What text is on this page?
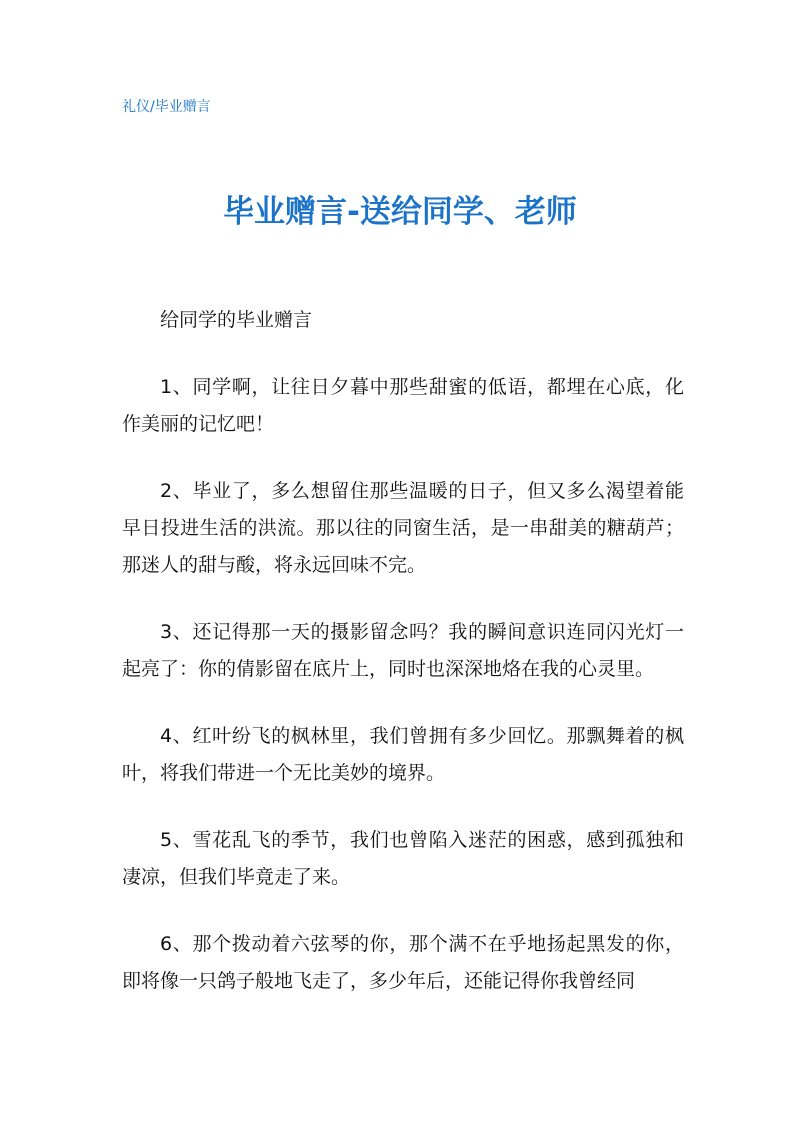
礼仪/毕业赠言
毕业赠言-送给同学、老师

给同学的毕业赠言

1、同学啊，让往日夕暮中那些甜蜜的低语，都埋在心底，化作美丽的记忆吧！

2、毕业了，多么想留住那些温暖的日子，但又多么渴望着能早日投进生活的洪流。那以往的同窗生活，是一串甜美的糖葫芦；那迷人的甜与酸，将永远回味不完。

3、还记得那一天的摄影留念吗？我的瞬间意识连同闪光灯一起亮了：你的倩影留在底片上，同时也深深地烙在我的心灵里。

4、红叶纷飞的枫林里，我们曾拥有多少回忆。那飘舞着的枫叶，将我们带进一个无比美妙的境界。

5、雪花乱飞的季节，我们也曾陷入迷茫的困惑，感到孤独和凄凉，但我们毕竟走了来。

6、那个拨动着六弦琴的你，那个满不在乎地扬起黑发的你，即将像一只鸽子般地飞走了，多少年后，还能记得你我曾经同
